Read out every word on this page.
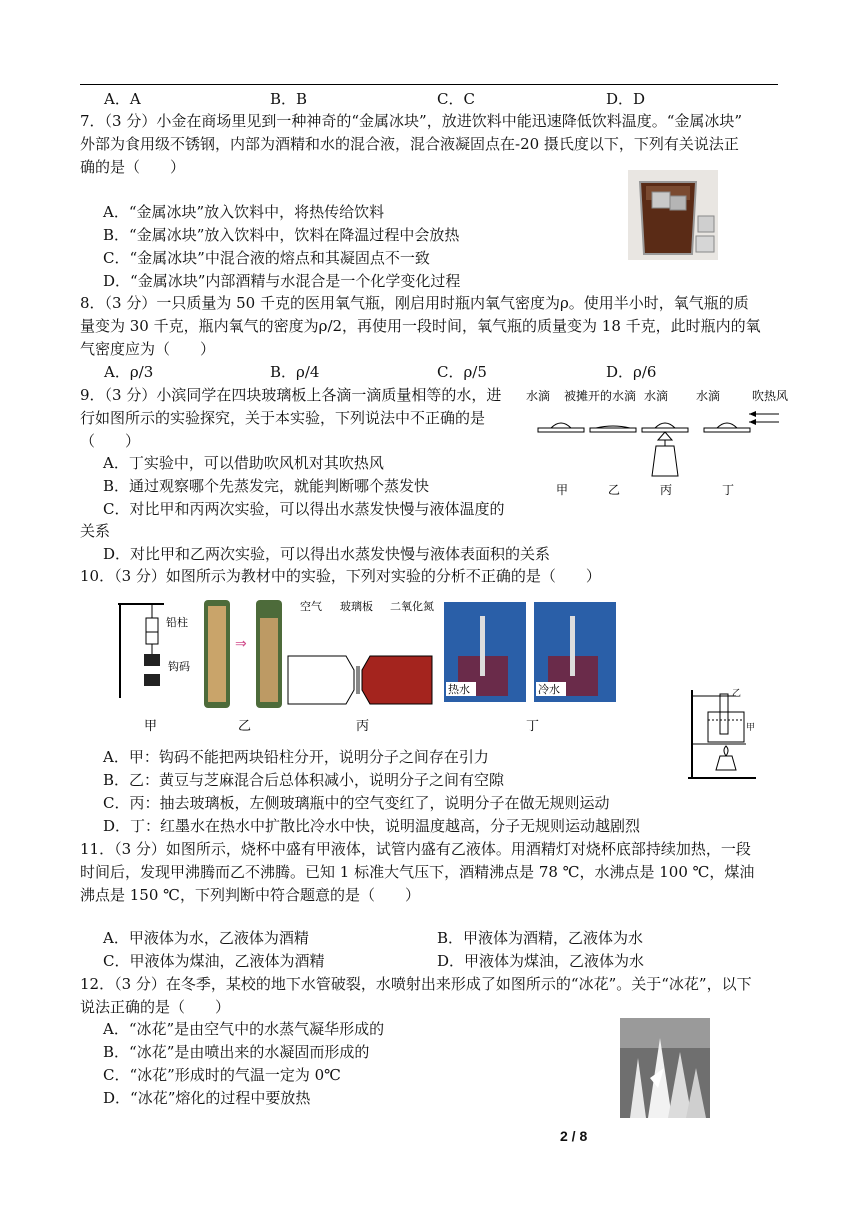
A．A	B．B	C．C	D．D
7．（3 分）小金在商场里见到一种神奇的“金属冰块”，放进饮料中能迅速降低饮料温度。“金属冰块”
外部为食用级不锈钢，内部为酒精和水的混合液，混合液凝固点在-20 摄氏度以下，下列有关说法正
确的是（　　）
A．“金属冰块”放入饮料中，将热传给饮料
B．“金属冰块”放入饮料中，饮料在降温过程中会放热
C．“金属冰块”中混合液的熔点和其凝固点不一致
D．“金属冰块”内部酒精与水混合是一个化学变化过程
8．（3 分）一只质量为 50 千克的医用氧气瓶，刚启用时瓶内氧气密度为ρ。使用半小时，氧气瓶的质
量变为 30 千克，瓶内氧气的密度为ρ/2，再使用一段时间，氧气瓶的质量变为 18 千克，此时瓶内的氧
气密度应为（　　）
A．ρ/3	B．ρ/4	C．ρ/5	D．ρ/6
9．（3 分）小滨同学在四块玻璃板上各滴一滴质量相等的水，进
行如图所示的实验探究，关于本实验，下列说法中不正确的是
（　　）
A．丁实验中，可以借助吹风机对其吹热风
B．通过观察哪个先蒸发完，就能判断哪个蒸发快
C．对比甲和丙两次实验，可以得出水蒸发快慢与液体温度的
关系
D．对比甲和乙两次实验，可以得出水蒸发快慢与液体表面积的关系
水滴 被摊开的水滴 水滴 水滴	吹热风
甲	乙	丙	丁
10．（3 分）如图所示为教材中的实验，下列对实验的分析不正确的是（　　）
铅柱
钩码
⇒
空气 玻璃板 二氧化氮
热水	冷水
甲	乙	丙	丁
A．甲：钩码不能把两块铅柱分开，说明分子之间存在引力
B．乙：黄豆与芝麻混合后总体积减小，说明分子之间有空隙
C．丙：抽去玻璃板，左侧玻璃瓶中的空气变红了，说明分子在做无规则运动
D．丁：红墨水在热水中扩散比冷水中快，说明温度越高，分子无规则运动越剧烈
乙
甲
11．（3 分）如图所示，烧杯中盛有甲液体，试管内盛有乙液体。用酒精灯对烧杯底部持续加热，一段
时间后，发现甲沸腾而乙不沸腾。已知 1 标准大气压下，酒精沸点是 78 ℃，水沸点是 100 ℃，煤油
沸点是 150 ℃，下列判断中符合题意的是（　　）
A．甲液体为水，乙液体为酒精	B．甲液体为酒精，乙液体为水
C．甲液体为煤油，乙液体为酒精	D．甲液体为煤油，乙液体为水
12．（3 分）在冬季，某校的地下水管破裂，水喷射出来形成了如图所示的“冰花”。关于“冰花”，以下
说法正确的是（　　）
A．“冰花”是由空气中的水蒸气凝华形成的
B．“冰花”是由喷出来的水凝固而形成的
C．“冰花”形成时的气温一定为 0℃
D．“冰花”熔化的过程中要放热
2 / 8
